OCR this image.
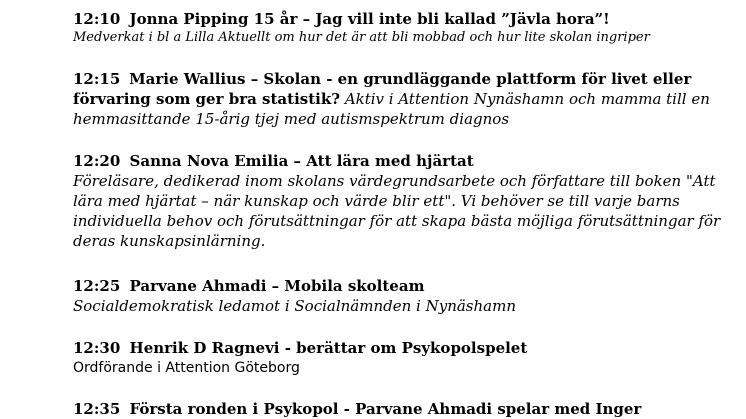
12:10 Jonna Pipping 15 år – Jag vill inte bli kallad ”Jävla hora”!
Medverkat i bl a Lilla Aktuellt om hur det är att bli mobbad och hur lite skolan ingriper
12:15 Marie Wallius – Skolan - en grundläggande plattform för livet eller förvaring som ger bra statistik? Aktiv i Attention Nynäshamn och mamma till en hemmasittande 15-årig tjej med autismspektrum diagnos
12:20 Sanna Nova Emilia – Att lära med hjärtat
Föreläsare, dedikerad inom skolans värdegrundsarbete och författare till boken "Att lära med hjärtat – när kunskap och värde blir ett". Vi behöver se till varje barns individuella behov och förutsättningar för att skapa bästa möjliga förutsättningar för deras kunskapsinlärning.
12:25 Parvane Ahmadi – Mobila skolteam
Socialdemokratisk ledamot i Socialnämnden i Nynäshamn
12:30 Henrik D Ragnevi - berättar om Psykopolspelet
Ordförande i Attention Göteborg
12:35 Första ronden i Psykopol - Parvane Ahmadi spelar med Inger
